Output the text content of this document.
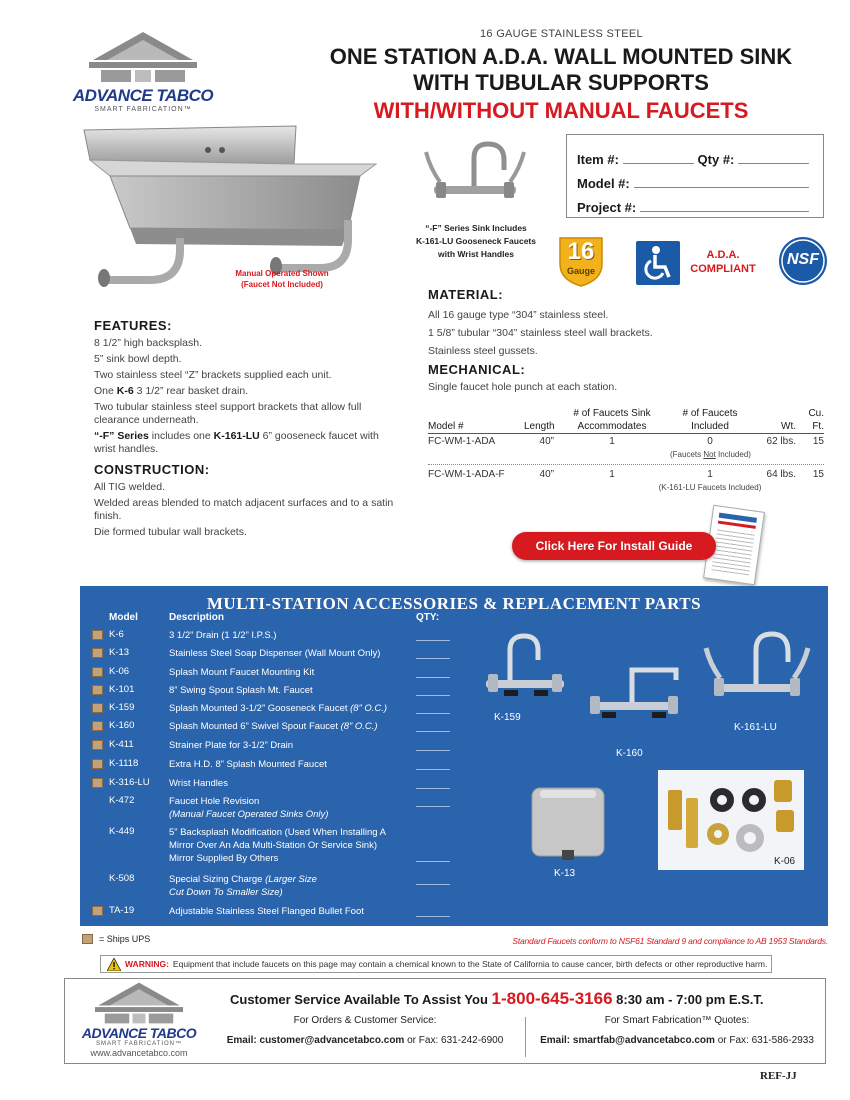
ADVANCE TABCO
SMART FABRICATION™
16 GAUGE STAINLESS STEEL
ONE STATION A.D.A. WALL MOUNTED SINK
WITH TUBULAR SUPPORTS
WITH/WITHOUT MANUAL FAUCETS
Item #:	Qty #:
Model #:
Project #:
Manual Operated Shown
(Faucet Not Included)
“-F” Series Sink Includes
K-161-LU Gooseneck Faucets
with Wrist Handles	16
Gauge
A.D.A.
COMPLIANT
NSF
FEATURES:

8 1/2” high backsplash.

5” sink bowl depth.

Two stainless steel “Z” brackets supplied each unit.

One K-6 3 1/2” rear basket drain.

Two tubular stainless steel support brackets that allow full clearance underneath.

“-F” Series includes one K-161-LU 6” gooseneck faucet with wrist handles.

CONSTRUCTION:

All TIG welded.

Welded areas blended to match adjacent surfaces and to a satin finish.

Die formed tubular wall brackets.

MATERIAL:
All 16 gauge type “304” stainless steel.
1 5/8” tubular “304” stainless steel wall brackets.
Stainless steel gussets.
MECHANICAL:
Single faucet hole punch at each station.
Model #	Length
# of Faucets Sink
Accommodates
# of Faucets
Included	Wt.
Cu.
Ft.
FC-WM-1-ADA	40”	1	0	62 lbs.	15
(Faucets Not Included)
FC-WM-1-ADA-F	40”	1	1	64 lbs.	15
(K-161-LU Faucets Included)
Click Here For Install Guide
MULTI-STATION ACCESSORIES & REPLACEMENT PARTS
Model	Description	QTY:
K-6	3 1/2” Drain (1 1/2” I.P.S.)
K-13	Stainless Steel Soap Dispenser (Wall Mount Only)
K-06	Splash Mount Faucet Mounting Kit
K-101	8” Swing Spout Splash Mt. Faucet
K-159	Splash Mounted 3-1/2” Gooseneck Faucet (8” O.C.)
K-160	Splash Mounted 6” Swivel Spout Faucet (8” O.C.)
K-411	Strainer Plate for 3-1/2” Drain
K-1118	Extra H.D. 8” Splash Mounted Faucet
K-316-LU Wrist Handles
K-472	Faucet Hole Revision
(Manual Faucet Operated Sinks Only)
K-449	5” Backsplash Modification (Used When Installing A
Mirror Over An Ada Multi-Station Or Service Sink)
Mirror Supplied By Others
K-508	Special Sizing Charge (Larger Size
Cut Down To Smaller Size)
TA-19	Adjustable Stainless Steel Flanged Bullet Foot
K-159
K-160
K-161-LU
K-13
K-06
= Ships UPS	Standard Faucets conform to NSF61 Standard 9 and compliance to AB 1953 Standards.
WARNING: Equipment that include faucets on this page may contain a chemical known to the State of California to cause cancer, birth defects or other reproductive harm.
ADVANCE TABCO
SMART FABRICATION™
www.advancetabco.com
Customer Service Available To Assist You 1-800-645-3166 8:30 am - 7:00 pm E.S.T.
For Orders & Customer Service:
Email: customer@advancetabco.com or Fax: 631-242-6900
For Smart Fabrication™ Quotes:
Email: smartfab@advancetabco.com or Fax: 631-586-2933
REF-JJ
